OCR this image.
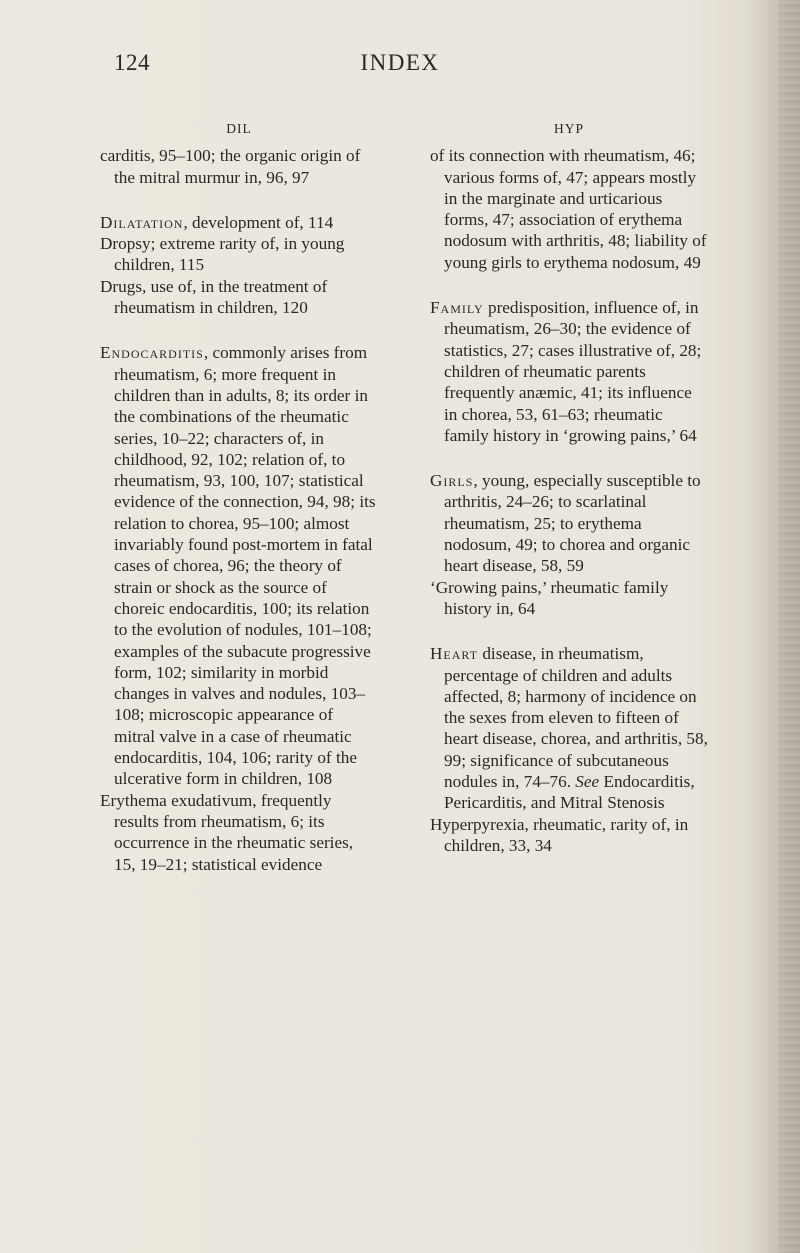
124	INDEX
DIL
carditis, 95–100; the organic origin of the mitral murmur in, 96, 97
Dilatation, development of, 114
Dropsy; extreme rarity of, in young children, 115
Drugs, use of, in the treatment of rheumatism in children, 120
Endocarditis, commonly arises from rheumatism, 6; more frequent in children than in adults, 8; its order in the combinations of the rheumatic series, 10–22; characters of, in childhood, 92, 102; relation of, to rheumatism, 93, 100, 107; statistical evidence of the connection, 94, 98; its relation to chorea, 95–100; almost invariably found post-mortem in fatal cases of chorea, 96; the theory of strain or shock as the source of choreic endocarditis, 100; its relation to the evolution of nodules, 101–108; examples of the subacute progressive form, 102; similarity in morbid changes in valves and nodules, 103–108; microscopic appearance of mitral valve in a case of rheumatic endocarditis, 104, 106; rarity of the ulcerative form in children, 108
Erythema exudativum, frequently results from rheumatism, 6; its occurrence in the rheumatic series, 15, 19–21; statistical evidence
HYP
of its connection with rheumatism, 46; various forms of, 47; appears mostly in the marginate and urticarious forms, 47; association of erythema nodosum with arthritis, 48; liability of young girls to erythema nodosum, 49
Family predisposition, influence of, in rheumatism, 26–30; the evidence of statistics, 27; cases illustrative of, 28; children of rheumatic parents frequently anæmic, 41; its influence in chorea, 53, 61–63; rheumatic family history in ‘growing pains,’ 64
Girls, young, especially susceptible to arthritis, 24–26; to scarlatinal rheumatism, 25; to erythema nodosum, 49; to chorea and organic heart disease, 58, 59
‘Growing pains,’ rheumatic family history in, 64
Heart disease, in rheumatism, percentage of children and adults affected, 8; harmony of incidence on the sexes from eleven to fifteen of heart disease, chorea, and arthritis, 58, 99; significance of subcutaneous nodules in, 74–76. See Endocarditis, Pericarditis, and Mitral Stenosis
Hyperpyrexia, rheumatic, rarity of, in children, 33, 34
